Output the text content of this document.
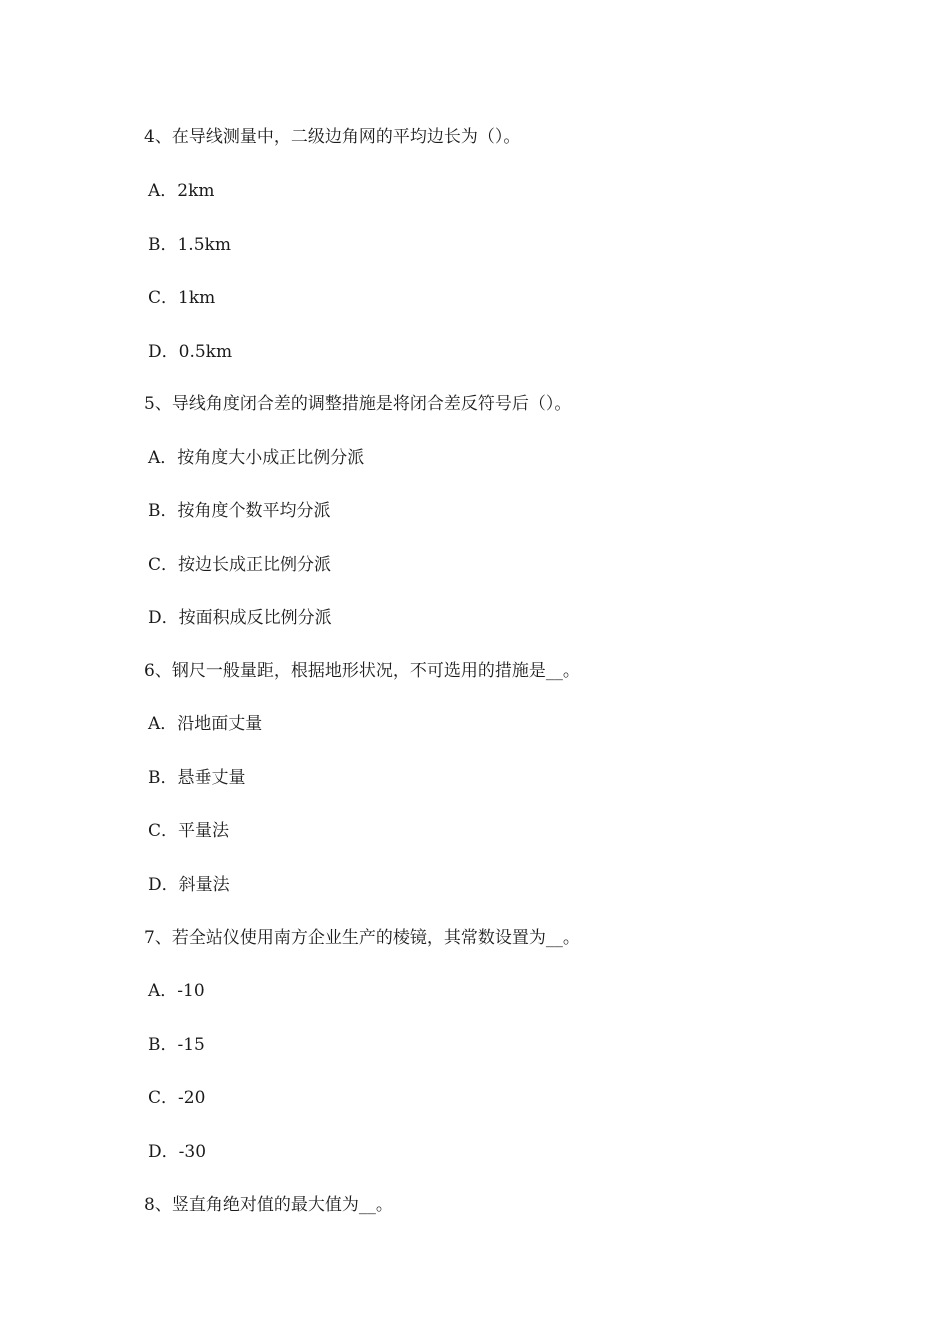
4、在导线测量中，二级边角网的平均边长为（）。
A．2km
B．1.5km
C．1km
D．0.5km
5、导线角度闭合差的调整措施是将闭合差反符号后（）。
A．按角度大小成正比例分派
B．按角度个数平均分派
C．按边长成正比例分派
D．按面积成反比例分派
6、钢尺一般量距，根据地形状况，不可选用的措施是__。
A．沿地面丈量
B．悬垂丈量
C．平量法
D．斜量法
7、若全站仪使用南方企业生产的棱镜，其常数设置为__。
A．-10
B．-15
C．-20
D．-30
8、竖直角绝对值的最大值为__。
